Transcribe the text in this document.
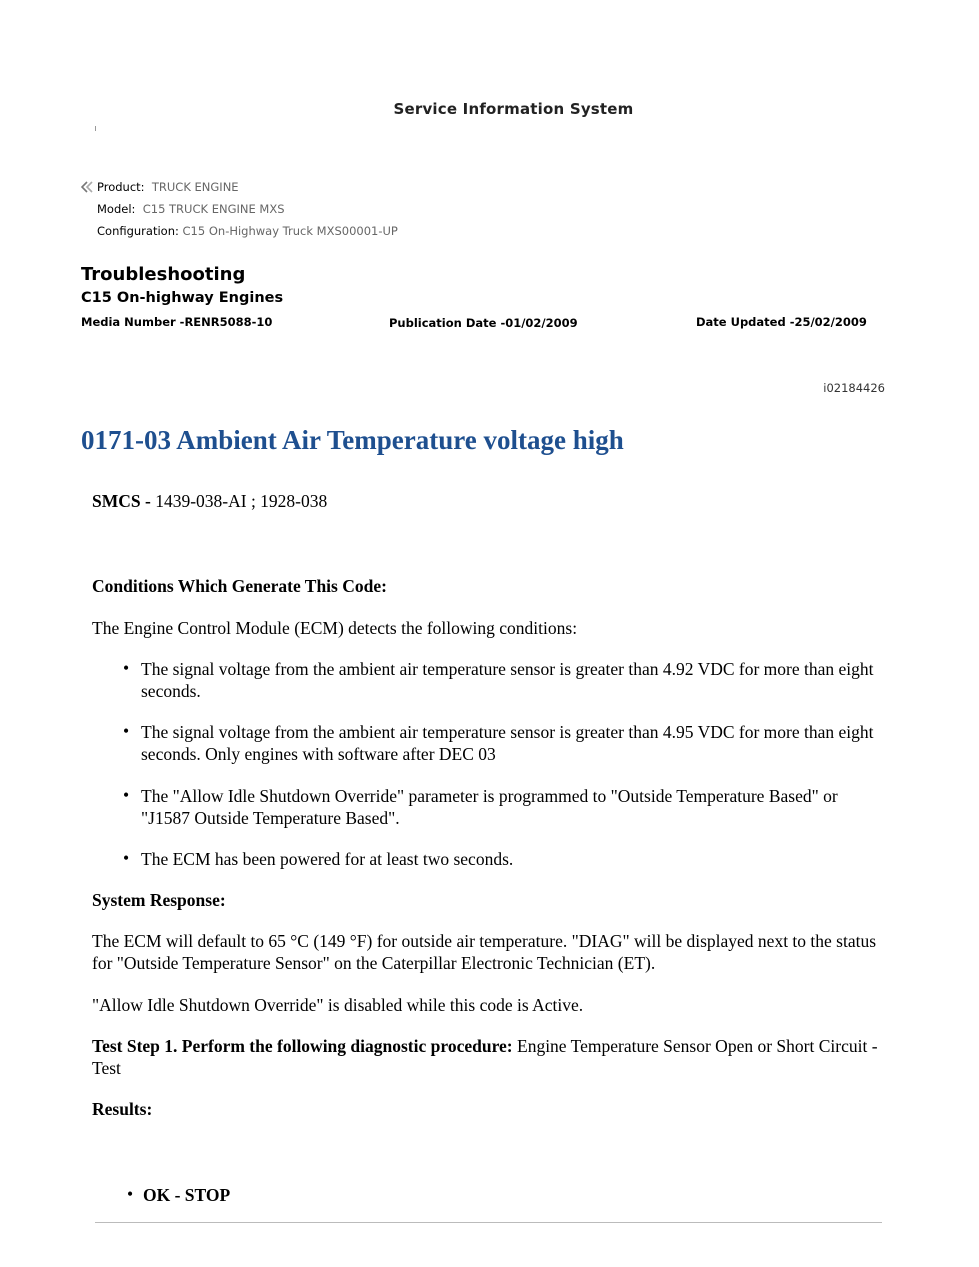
Service Information System
Product: TRUCK ENGINE
Model: C15 TRUCK ENGINE MXS
Configuration: C15 On-Highway Truck MXS00001-UP
Troubleshooting
C15 On-highway Engines
Media Number -RENR5088-10	Publication Date -01/02/2009	Date Updated -25/02/2009
i02184426
0171-03 Ambient Air Temperature voltage high
SMCS - 1439-038-AI ; 1928-038
Conditions Which Generate This Code:
The Engine Control Module (ECM) detects the following conditions:
• The signal voltage from the ambient air temperature sensor is greater than 4.92 VDC for more than eight seconds.
• The signal voltage from the ambient air temperature sensor is greater than 4.95 VDC for more than eight seconds. Only engines with software after DEC 03
• The "Allow Idle Shutdown Override" parameter is programmed to "Outside Temperature Based" or "J1587 Outside Temperature Based".
• The ECM has been powered for at least two seconds.
System Response:
The ECM will default to 65 °C (149 °F) for outside air temperature. "DIAG" will be displayed next to the status for "Outside Temperature Sensor" on the Caterpillar Electronic Technician (ET).
"Allow Idle Shutdown Override" is disabled while this code is Active.
Test Step 1. Perform the following diagnostic procedure: Engine Temperature Sensor Open or Short Circuit - Test
Results:
• OK - STOP
